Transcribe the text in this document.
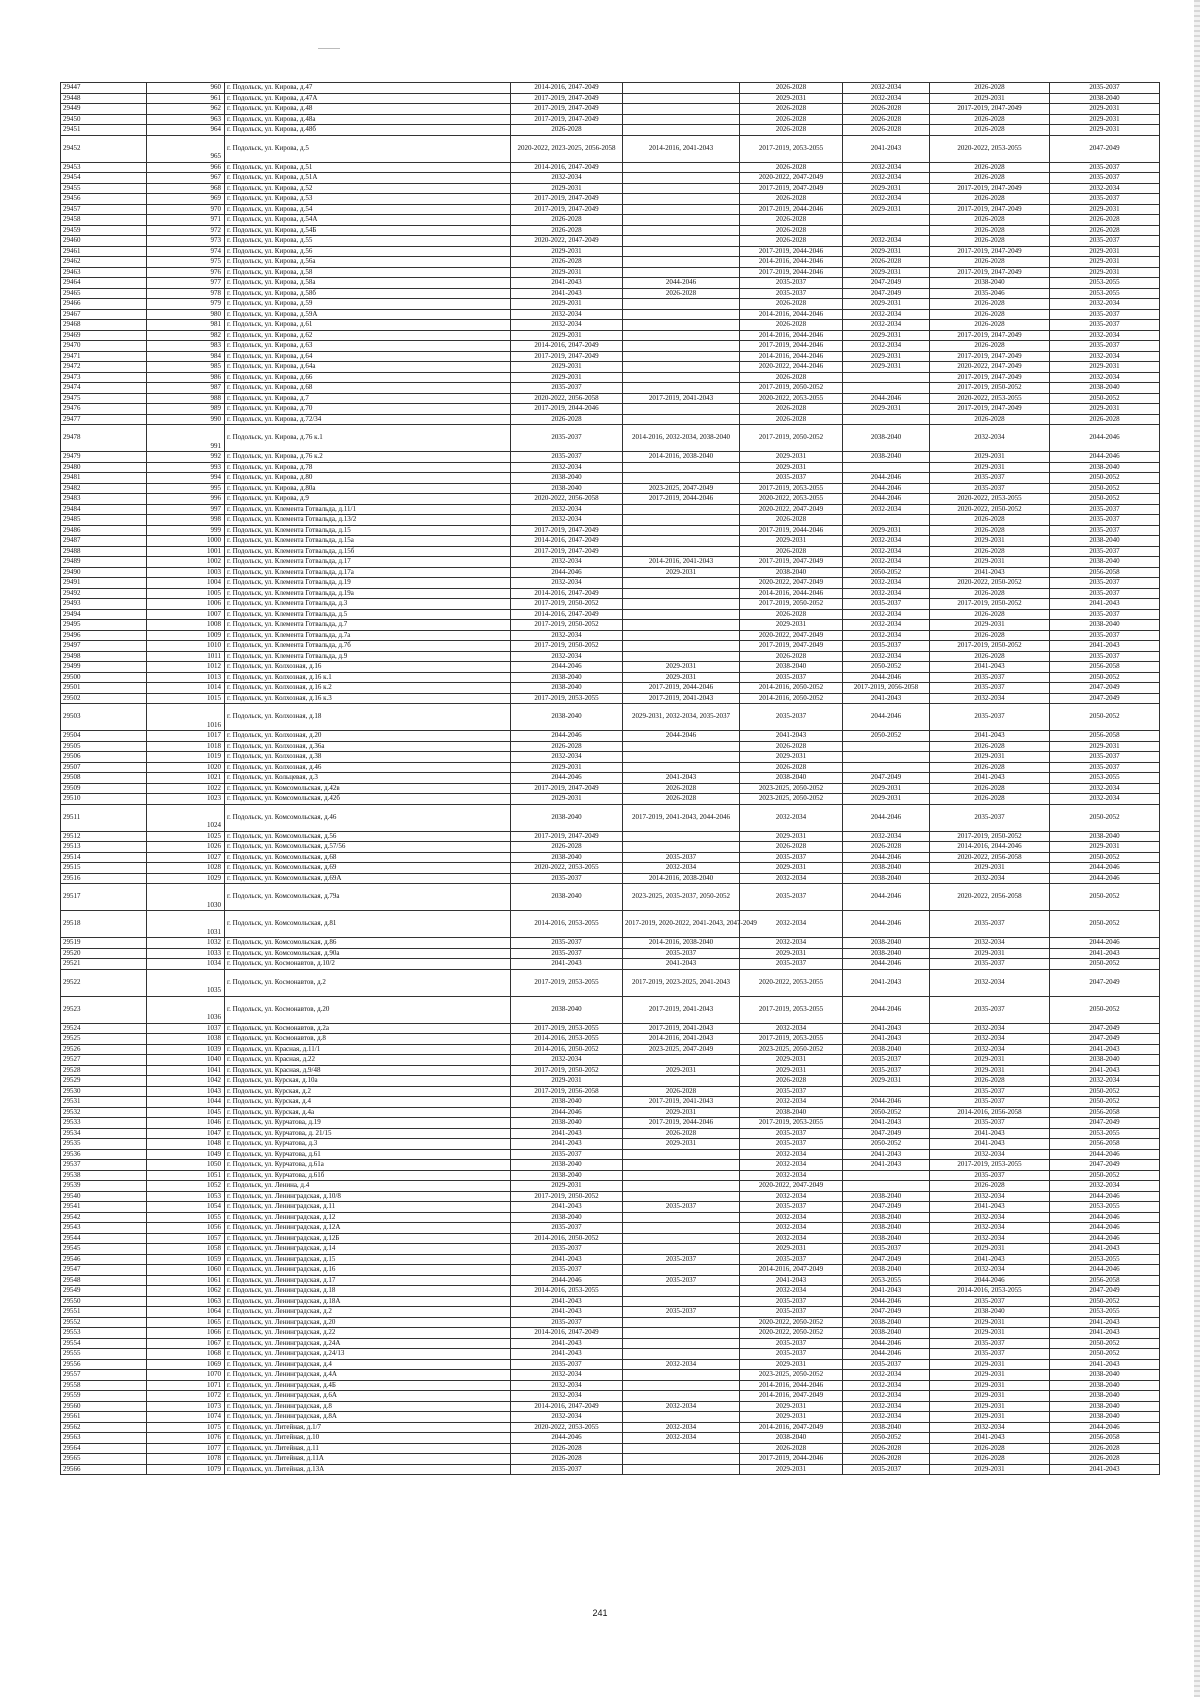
29447	960	г. Подольск, ул. Кирова, д.47	2014-2016, 2047-2049		2026-2028	2032-2034	2026-2028	2035-2037
29448	961	г. Подольск, ул. Кирова, д.47А	2017-2019, 2047-2049		2029-2031	2032-2034	2029-2031	2038-2040
29449	962	г. Подольск, ул. Кирова, д.48	2017-2019, 2047-2049		2026-2028	2026-2028	2017-2019, 2047-2049	2029-2031
29450	963	г. Подольск, ул. Кирова, д.48а	2017-2019, 2047-2049		2026-2028	2026-2028	2026-2028	2029-2031
29451	964	г. Подольск, ул. Кирова, д.48б	2026-2028		2026-2028	2026-2028	2026-2028	2029-2031
29452	965	г. Подольск, ул. Кирова, д.5	2020-2022, 2023-2025, 2056-2058	2014-2016, 2041-2043	2017-2019, 2053-2055	2041-2043	2020-2022, 2053-2055	2047-2049
29453	966	г. Подольск, ул. Кирова, д.51	2014-2016, 2047-2049		2026-2028	2032-2034	2026-2028	2035-2037
29454	967	г. Подольск, ул. Кирова, д.51А	2032-2034		2020-2022, 2047-2049	2032-2034	2026-2028	2035-2037
29455	968	г. Подольск, ул. Кирова, д.52	2029-2031		2017-2019, 2047-2049	2029-2031	2017-2019, 2047-2049	2032-2034
29456	969	г. Подольск, ул. Кирова, д.53	2017-2019, 2047-2049		2026-2028	2032-2034	2026-2028	2035-2037
29457	970	г. Подольск, ул. Кирова, д.54	2017-2019, 2047-2049		2017-2019, 2044-2046	2029-2031	2017-2019, 2047-2049	2029-2031
29458	971	г. Подольск, ул. Кирова, д.54А	2026-2028		2026-2028		2026-2028	2026-2028
29459	972	г. Подольск, ул. Кирова, д.54Б	2026-2028		2026-2028		2026-2028	2026-2028
29460	973	г. Подольск, ул. Кирова, д.55	2020-2022, 2047-2049		2026-2028	2032-2034	2026-2028	2035-2037
29461	974	г. Подольск, ул. Кирова, д.56	2029-2031		2017-2019, 2044-2046	2029-2031	2017-2019, 2047-2049	2029-2031
29462	975	г. Подольск, ул. Кирова, д.56а	2026-2028		2014-2016, 2044-2046	2026-2028	2026-2028	2029-2031
29463	976	г. Подольск, ул. Кирова, д.58	2029-2031		2017-2019, 2044-2046	2029-2031	2017-2019, 2047-2049	2029-2031
29464	977	г. Подольск, ул. Кирова, д.58а	2041-2043	2044-2046	2035-2037	2047-2049	2038-2040	2053-2055
29465	978	г. Подольск, ул. Кирова, д.58б	2041-2043	2026-2028	2035-2037	2047-2049	2035-2046	2053-2055
29466	979	г. Подольск, ул. Кирова, д.59	2029-2031		2026-2028	2029-2031	2026-2028	2032-2034
29467	980	г. Подольск, ул. Кирова, д.59А	2032-2034		2014-2016, 2044-2046	2032-2034	2026-2028	2035-2037
29468	981	г. Подольск, ул. Кирова, д.61	2032-2034		2026-2028	2032-2034	2026-2028	2035-2037
29469	982	г. Подольск, ул. Кирова, д.62	2029-2031		2014-2016, 2044-2046	2029-2031	2017-2019, 2047-2049	2032-2034
29470	983	г. Подольск, ул. Кирова, д.63	2014-2016, 2047-2049		2017-2019, 2044-2046	2032-2034	2026-2028	2035-2037
29471	984	г. Подольск, ул. Кирова, д.64	2017-2019, 2047-2049		2014-2016, 2044-2046	2029-2031	2017-2019, 2047-2049	2032-2034
29472	985	г. Подольск, ул. Кирова, д.64а	2029-2031		2020-2022, 2044-2046	2029-2031	2020-2022, 2047-2049	2029-2031
29473	986	г. Подольск, ул. Кирова, д.66	2029-2031		2026-2028		2017-2019, 2047-2049	2032-2034
29474	987	г. Подольск, ул. Кирова, д.68	2035-2037		2017-2019, 2050-2052		2017-2019, 2050-2052	2038-2040
29475	988	г. Подольск, ул. Кирова, д.7	2020-2022, 2056-2058	2017-2019, 2041-2043	2020-2022, 2053-2055	2044-2046	2020-2022, 2053-2055	2050-2052
29476	989	г. Подольск, ул. Кирова, д.70	2017-2019, 2044-2046		2026-2028	2029-2031	2017-2019, 2047-2049	2029-2031
29477	990	г. Подольск, ул. Кирова, д.72/34	2026-2028		2026-2028		2026-2028	2026-2028
29478	991	г. Подольск, ул. Кирова, д.76 к.1	2035-2037	2014-2016, 2032-2034, 2038-2040	2017-2019, 2050-2052	2038-2040	2032-2034	2044-2046
29479	992	г. Подольск, ул. Кирова, д.76 к.2	2035-2037	2014-2016, 2038-2040	2029-2031	2038-2040	2029-2031	2044-2046
29480	993	г. Подольск, ул. Кирова, д.78	2032-2034		2029-2031		2029-2031	2038-2040
29481	994	г. Подольск, ул. Кирова, д.80	2038-2040		2035-2037	2044-2046	2035-2037	2050-2052
29482	995	г. Подольск, ул. Кирова, д.80а	2038-2040	2023-2025, 2047-2049	2017-2019, 2053-2055	2044-2046	2035-2037	2050-2052
29483	996	г. Подольск, ул. Кирова, д.9	2020-2022, 2056-2058	2017-2019, 2044-2046	2020-2022, 2053-2055	2044-2046	2020-2022, 2053-2055	2050-2052
29484	997	г. Подольск, ул. Клемента Готвальда, д.11/1	2032-2034		2020-2022, 2047-2049	2032-2034	2020-2022, 2050-2052	2035-2037
29485	998	г. Подольск, ул. Клемента Готвальда, д.13/2	2032-2034		2026-2028		2026-2028	2035-2037
29486	999	г. Подольск, ул. Клемента Готвальда, д.15	2017-2019, 2047-2049		2017-2019, 2044-2046	2029-2031	2026-2028	2035-2037
29487	1000	г. Подольск, ул. Клемента Готвальда, д.15а	2014-2016, 2047-2049		2029-2031	2032-2034	2029-2031	2038-2040
29488	1001	г. Подольск, ул. Клемента Готвальда, д.15б	2017-2019, 2047-2049		2026-2028	2032-2034	2026-2028	2035-2037
29489	1002	г. Подольск, ул. Клемента Готвальда, д.17	2032-2034	2014-2016, 2041-2043	2017-2019, 2047-2049	2032-2034	2029-2031	2038-2040
29490	1003	г. Подольск, ул. Клемента Готвальда, д.17а	2044-2046	2029-2031	2038-2040	2050-2052	2041-2043	2056-2058
29491	1004	г. Подольск, ул. Клемента Готвальда, д.19	2032-2034		2020-2022, 2047-2049	2032-2034	2020-2022, 2050-2052	2035-2037
29492	1005	г. Подольск, ул. Клемента Готвальда, д.19а	2014-2016, 2047-2049		2014-2016, 2044-2046	2032-2034	2026-2028	2035-2037
29493	1006	г. Подольск, ул. Клемента Готвальда, д.3	2017-2019, 2050-2052		2017-2019, 2050-2052	2035-2037	2017-2019, 2050-2052	2041-2043
29494	1007	г. Подольск, ул. Клемента Готвальда, д.5	2014-2016, 2047-2049		2026-2028	2032-2034	2026-2028	2035-2037
29495	1008	г. Подольск, ул. Клемента Готвальда, д.7	2017-2019, 2050-2052		2029-2031	2032-2034	2029-2031	2038-2040
29496	1009	г. Подольск, ул. Клемента Готвальда, д.7а	2032-2034		2020-2022, 2047-2049	2032-2034	2026-2028	2035-2037
29497	1010	г. Подольск, ул. Клемента Готвальда, д.7б	2017-2019, 2050-2052		2017-2019, 2047-2049	2035-2037	2017-2019, 2050-2052	2041-2043
29498	1011	г. Подольск, ул. Клемента Готвальда, д.9	2032-2034		2026-2028	2032-2034	2026-2028	2035-2037
29499	1012	г. Подольск, ул. Колхозная, д.16	2044-2046	2029-2031	2038-2040	2050-2052	2041-2043	2056-2058
29500	1013	г. Подольск, ул. Колхозная, д.16 к.1	2038-2040	2029-2031	2035-2037	2044-2046	2035-2037	2050-2052
29501	1014	г. Подольск, ул. Колхозная, д.16 к.2	2038-2040	2017-2019, 2044-2046	2014-2016, 2050-2052	2017-2019, 2056-2058	2035-2037	2047-2049
29502	1015	г. Подольск, ул. Колхозная, д.16 к.3	2017-2019, 2053-2055	2017-2019, 2041-2043	2014-2016, 2050-2052	2041-2043	2032-2034	2047-2049
29503	1016	г. Подольск, ул. Колхозная, д.18	2038-2040	2029-2031, 2032-2034, 2035-2037	2035-2037	2044-2046	2035-2037	2050-2052
29504	1017	г. Подольск, ул. Колхозная, д.20	2044-2046	2044-2046	2041-2043	2050-2052	2041-2043	2056-2058
29505	1018	г. Подольск, ул. Колхозная, д.36а	2026-2028		2026-2028		2026-2028	2029-2031
29506	1019	г. Подольск, ул. Колхозная, д.38	2032-2034		2029-2031		2029-2031	2035-2037
29507	1020	г. Подольск, ул. Колхозная, д.46	2029-2031		2026-2028		2026-2028	2035-2037
29508	1021	г. Подольск, ул. Кольцевая, д.3	2044-2046	2041-2043	2038-2040	2047-2049	2041-2043	2053-2055
29509	1022	г. Подольск, ул. Комсомольская, д.42в	2017-2019, 2047-2049	2026-2028	2023-2025, 2050-2052	2029-2031	2026-2028	2032-2034
29510	1023	г. Подольск, ул. Комсомольская, д.42б	2029-2031	2026-2028	2023-2025, 2050-2052	2029-2031	2026-2028	2032-2034
29511	1024	г. Подольск, ул. Комсомольская, д.46	2038-2040	2017-2019, 2041-2043, 2044-2046	2032-2034	2044-2046	2035-2037	2050-2052
29512	1025	г. Подольск, ул. Комсомольская, д.56	2017-2019, 2047-2049		2029-2031	2032-2034	2017-2019, 2050-2052	2038-2040
29513	1026	г. Подольск, ул. Комсомольская, д.57/56	2026-2028		2026-2028	2026-2028	2014-2016, 2044-2046	2029-2031
29514	1027	г. Подольск, ул. Комсомольская, д.68	2038-2040	2035-2037	2035-2037	2044-2046	2020-2022, 2056-2058	2050-2052
29515	1028	г. Подольск, ул. Комсомольская, д.69	2020-2022, 2053-2055	2032-2034	2029-2031	2038-2040	2029-2031	2044-2046
29516	1029	г. Подольск, ул. Комсомольская, д.69А	2035-2037	2014-2016, 2038-2040	2032-2034	2038-2040	2032-2034	2044-2046
29517	1030	г. Подольск, ул. Комсомольская, д.79а	2038-2040	2023-2025, 2035-2037, 2050-2052	2035-2037	2044-2046	2020-2022, 2056-2058	2050-2052
29518	1031	г. Подольск, ул. Комсомольская, д.81	2014-2016, 2053-2055	2017-2019, 2020-2022, 2041-2043, 2047-2049	2032-2034	2044-2046	2035-2037	2050-2052
29519	1032	г. Подольск, ул. Комсомольская, д.86	2035-2037	2014-2016, 2038-2040	2032-2034	2038-2040	2032-2034	2044-2046
29520	1033	г. Подольск, ул. Комсомольская, д.90а	2035-2037	2035-2037	2029-2031	2038-2040	2029-2031	2041-2043
29521	1034	г. Подольск, ул. Космонавтов, д.10/2	2041-2043	2041-2043	2035-2037	2044-2046	2035-2037	2050-2052
29522	1035	г. Подольск, ул. Космонавтов, д.2	2017-2019, 2053-2055	2017-2019, 2023-2025, 2041-2043	2020-2022, 2053-2055	2041-2043	2032-2034	2047-2049
29523	1036	г. Подольск, ул. Космонавтов, д.20	2038-2040	2017-2019, 2041-2043	2017-2019, 2053-2055	2044-2046	2035-2037	2050-2052
29524	1037	г. Подольск, ул. Космонавтов, д.2а	2017-2019, 2053-2055	2017-2019, 2041-2043	2032-2034	2041-2043	2032-2034	2047-2049
29525	1038	г. Подольск, ул. Космонавтов, д.8	2014-2016, 2053-2055	2014-2016, 2041-2043	2017-2019, 2053-2055	2041-2043	2032-2034	2047-2049
29526	1039	г. Подольск, ул. Красная, д.11/1	2014-2016, 2050-2052	2023-2025, 2047-2049	2023-2025, 2050-2052	2038-2040	2032-2034	2041-2043
29527	1040	г. Подольск, ул. Красная, д.22	2032-2034		2029-2031	2035-2037	2029-2031	2038-2040
29528	1041	г. Подольск, ул. Красная, д.9/48	2017-2019, 2050-2052	2029-2031	2029-2031	2035-2037	2029-2031	2041-2043
29529	1042	г. Подольск, ул. Курская, д.10а	2029-2031		2026-2028	2029-2031	2026-2028	2032-2034
29530	1043	г. Подольск, ул. Курская, д.2	2017-2019, 2056-2058	2026-2028	2035-2037		2035-2037	2050-2052
29531	1044	г. Подольск, ул. Курская, д.4	2038-2040	2017-2019, 2041-2043	2032-2034	2044-2046	2035-2037	2050-2052
29532	1045	г. Подольск, ул. Курская, д.4а	2044-2046	2029-2031	2038-2040	2050-2052	2014-2016, 2056-2058	2056-2058
29533	1046	г. Подольск, ул. Курчатова, д.19	2038-2040	2017-2019, 2044-2046	2017-2019, 2053-2055	2041-2043	2035-2037	2047-2049
29534	1047	г. Подольск, ул. Курчатова, д. 21/15	2041-2043	2026-2028	2035-2037	2047-2049	2041-2043	2053-2055
29535	1048	г. Подольск, ул. Курчатова, д.3	2041-2043	2029-2031	2035-2037	2050-2052	2041-2043	2056-2058
29536	1049	г. Подольск, ул. Курчатова, д.61	2035-2037		2032-2034	2041-2043	2032-2034	2044-2046
29537	1050	г. Подольск, ул. Курчатова, д.61а	2038-2040		2032-2034	2041-2043	2017-2019, 2053-2055	2047-2049
29538	1051	г. Подольск, ул. Курчатова, д.61б	2038-2040		2032-2034		2035-2037	2050-2052
29539	1052	г. Подольск, ул. Ленина, д.4	2029-2031		2020-2022, 2047-2049		2026-2028	2032-2034
29540	1053	г. Подольск, ул. Ленинградская, д.10/8	2017-2019, 2050-2052		2032-2034	2038-2040	2032-2034	2044-2046
29541	1054	г. Подольск, ул. Ленинградская, д.11	2041-2043	2035-2037	2035-2037	2047-2049	2041-2043	2053-2055
29542	1055	г. Подольск, ул. Ленинградская, д.12	2038-2040		2032-2034	2038-2040	2032-2034	2044-2046
29543	1056	г. Подольск, ул. Ленинградская, д.12А	2035-2037		2032-2034	2038-2040	2032-2034	2044-2046
29544	1057	г. Подольск, ул. Ленинградская, д.12Б	2014-2016, 2050-2052		2032-2034	2038-2040	2032-2034	2044-2046
29545	1058	г. Подольск, ул. Ленинградская, д.14	2035-2037		2029-2031	2035-2037	2029-2031	2041-2043
29546	1059	г. Подольск, ул. Ленинградская, д.15	2041-2043	2035-2037	2035-2037	2047-2049	2041-2043	2053-2055
29547	1060	г. Подольск, ул. Ленинградская, д.16	2035-2037		2014-2016, 2047-2049	2038-2040	2032-2034	2044-2046
29548	1061	г. Подольск, ул. Ленинградская, д.17	2044-2046	2035-2037	2041-2043	2053-2055	2044-2046	2056-2058
29549	1062	г. Подольск, ул. Ленинградская, д.18	2014-2016, 2053-2055		2032-2034	2041-2043	2014-2016, 2053-2055	2047-2049
29550	1063	г. Подольск, ул. Ленинградская, д.18А	2041-2043		2035-2037	2044-2046	2035-2037	2050-2052
29551	1064	г. Подольск, ул. Ленинградская, д.2	2041-2043	2035-2037	2035-2037	2047-2049	2038-2040	2053-2055
29552	1065	г. Подольск, ул. Ленинградская, д.20	2035-2037		2020-2022, 2050-2052	2038-2040	2029-2031	2041-2043
29553	1066	г. Подольск, ул. Ленинградская, д.22	2014-2016, 2047-2049		2020-2022, 2050-2052	2038-2040	2029-2031	2041-2043
29554	1067	г. Подольск, ул. Ленинградская, д.24А	2041-2043		2035-2037	2044-2046	2035-2037	2050-2052
29555	1068	г. Подольск, ул. Ленинградская, д.24/13	2041-2043		2035-2037	2044-2046	2035-2037	2050-2052
29556	1069	г. Подольск, ул. Ленинградская, д.4	2035-2037	2032-2034	2029-2031	2035-2037	2029-2031	2041-2043
29557	1070	г. Подольск, ул. Ленинградская, д.4А	2032-2034		2023-2025, 2050-2052	2032-2034	2029-2031	2038-2040
29558	1071	г. Подольск, ул. Ленинградская, д.4Б	2032-2034		2014-2016, 2044-2046	2032-2034	2029-2031	2038-2040
29559	1072	г. Подольск, ул. Ленинградская, д.6А	2032-2034		2014-2016, 2047-2049	2032-2034	2029-2031	2038-2040
29560	1073	г. Подольск, ул. Ленинградская, д.8	2014-2016, 2047-2049	2032-2034	2029-2031	2032-2034	2029-2031	2038-2040
29561	1074	г. Подольск, ул. Ленинградская, д.8А	2032-2034		2029-2031	2032-2034	2029-2031	2038-2040
29562	1075	г. Подольск, ул. Литейная, д.1/7	2020-2022, 2053-2055	2032-2034	2014-2016, 2047-2049	2038-2040	2032-2034	2044-2046
29563	1076	г. Подольск, ул. Литейная, д.10	2044-2046	2032-2034	2038-2040	2050-2052	2041-2043	2056-2058
29564	1077	г. Подольск, ул. Литейная, д.11	2026-2028		2026-2028	2026-2028	2026-2028	2026-2028
29565	1078	г. Подольск, ул. Литейная, д.11А	2026-2028		2017-2019, 2044-2046	2026-2028	2026-2028	2026-2028
29566	1079	г. Подольск, ул. Литейная, д.13А	2035-2037		2029-2031	2035-2037	2029-2031	2041-2043
241
